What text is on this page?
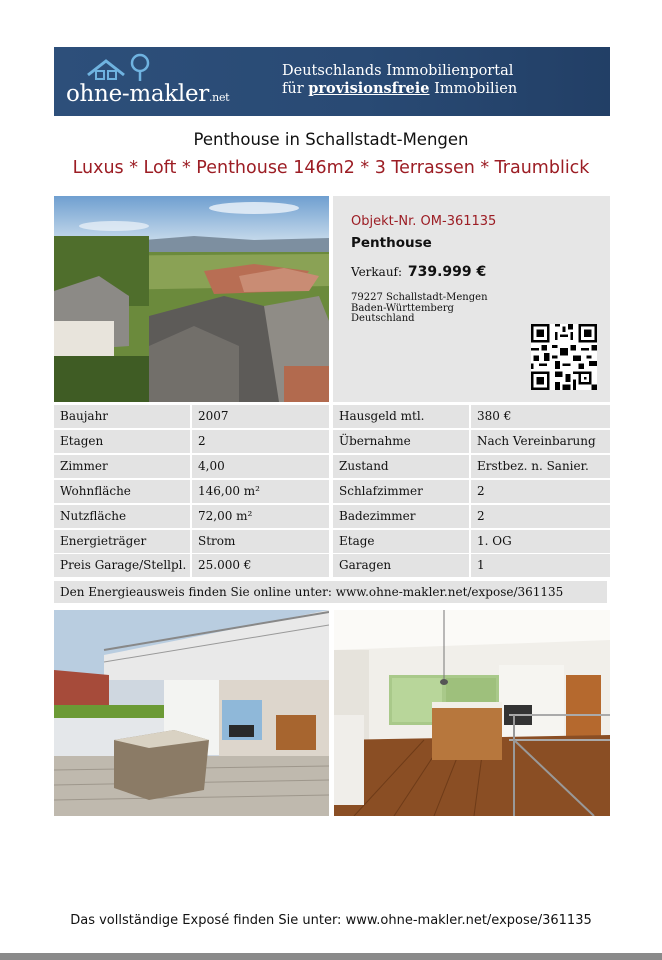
ohne-makler.net
Deutschlands Immobilienportal
für provisionsfreie Immobilien
Penthouse in Schallstadt-Mengen
Luxus * Loft * Penthouse 146m2 * 3 Terrassen * Traumblick
Objekt-Nr. OM-361135
Penthouse
Verkauf: 739.999 €
79227 Schallstadt-Mengen
Baden-Württemberg
Deutschland
Baujahr	2007	Hausgeld mtl.	380 €
Etagen	2	Übernahme	Nach Vereinbarung
Zimmer	4,00	Zustand	Erstbez. n. Sanier.
Wohnfläche	146,00 m²	Schlafzimmer	2
Nutzfläche	72,00 m²	Badezimmer	2
Energieträger	Strom	Etage	1. OG
Preis Garage/Stellpl. 25.000 €	Garagen	1
Den Energieausweis finden Sie online unter: www.ohne-makler.net/expose/361135
Das vollständige Exposé finden Sie unter: www.ohne-makler.net/expose/361135
